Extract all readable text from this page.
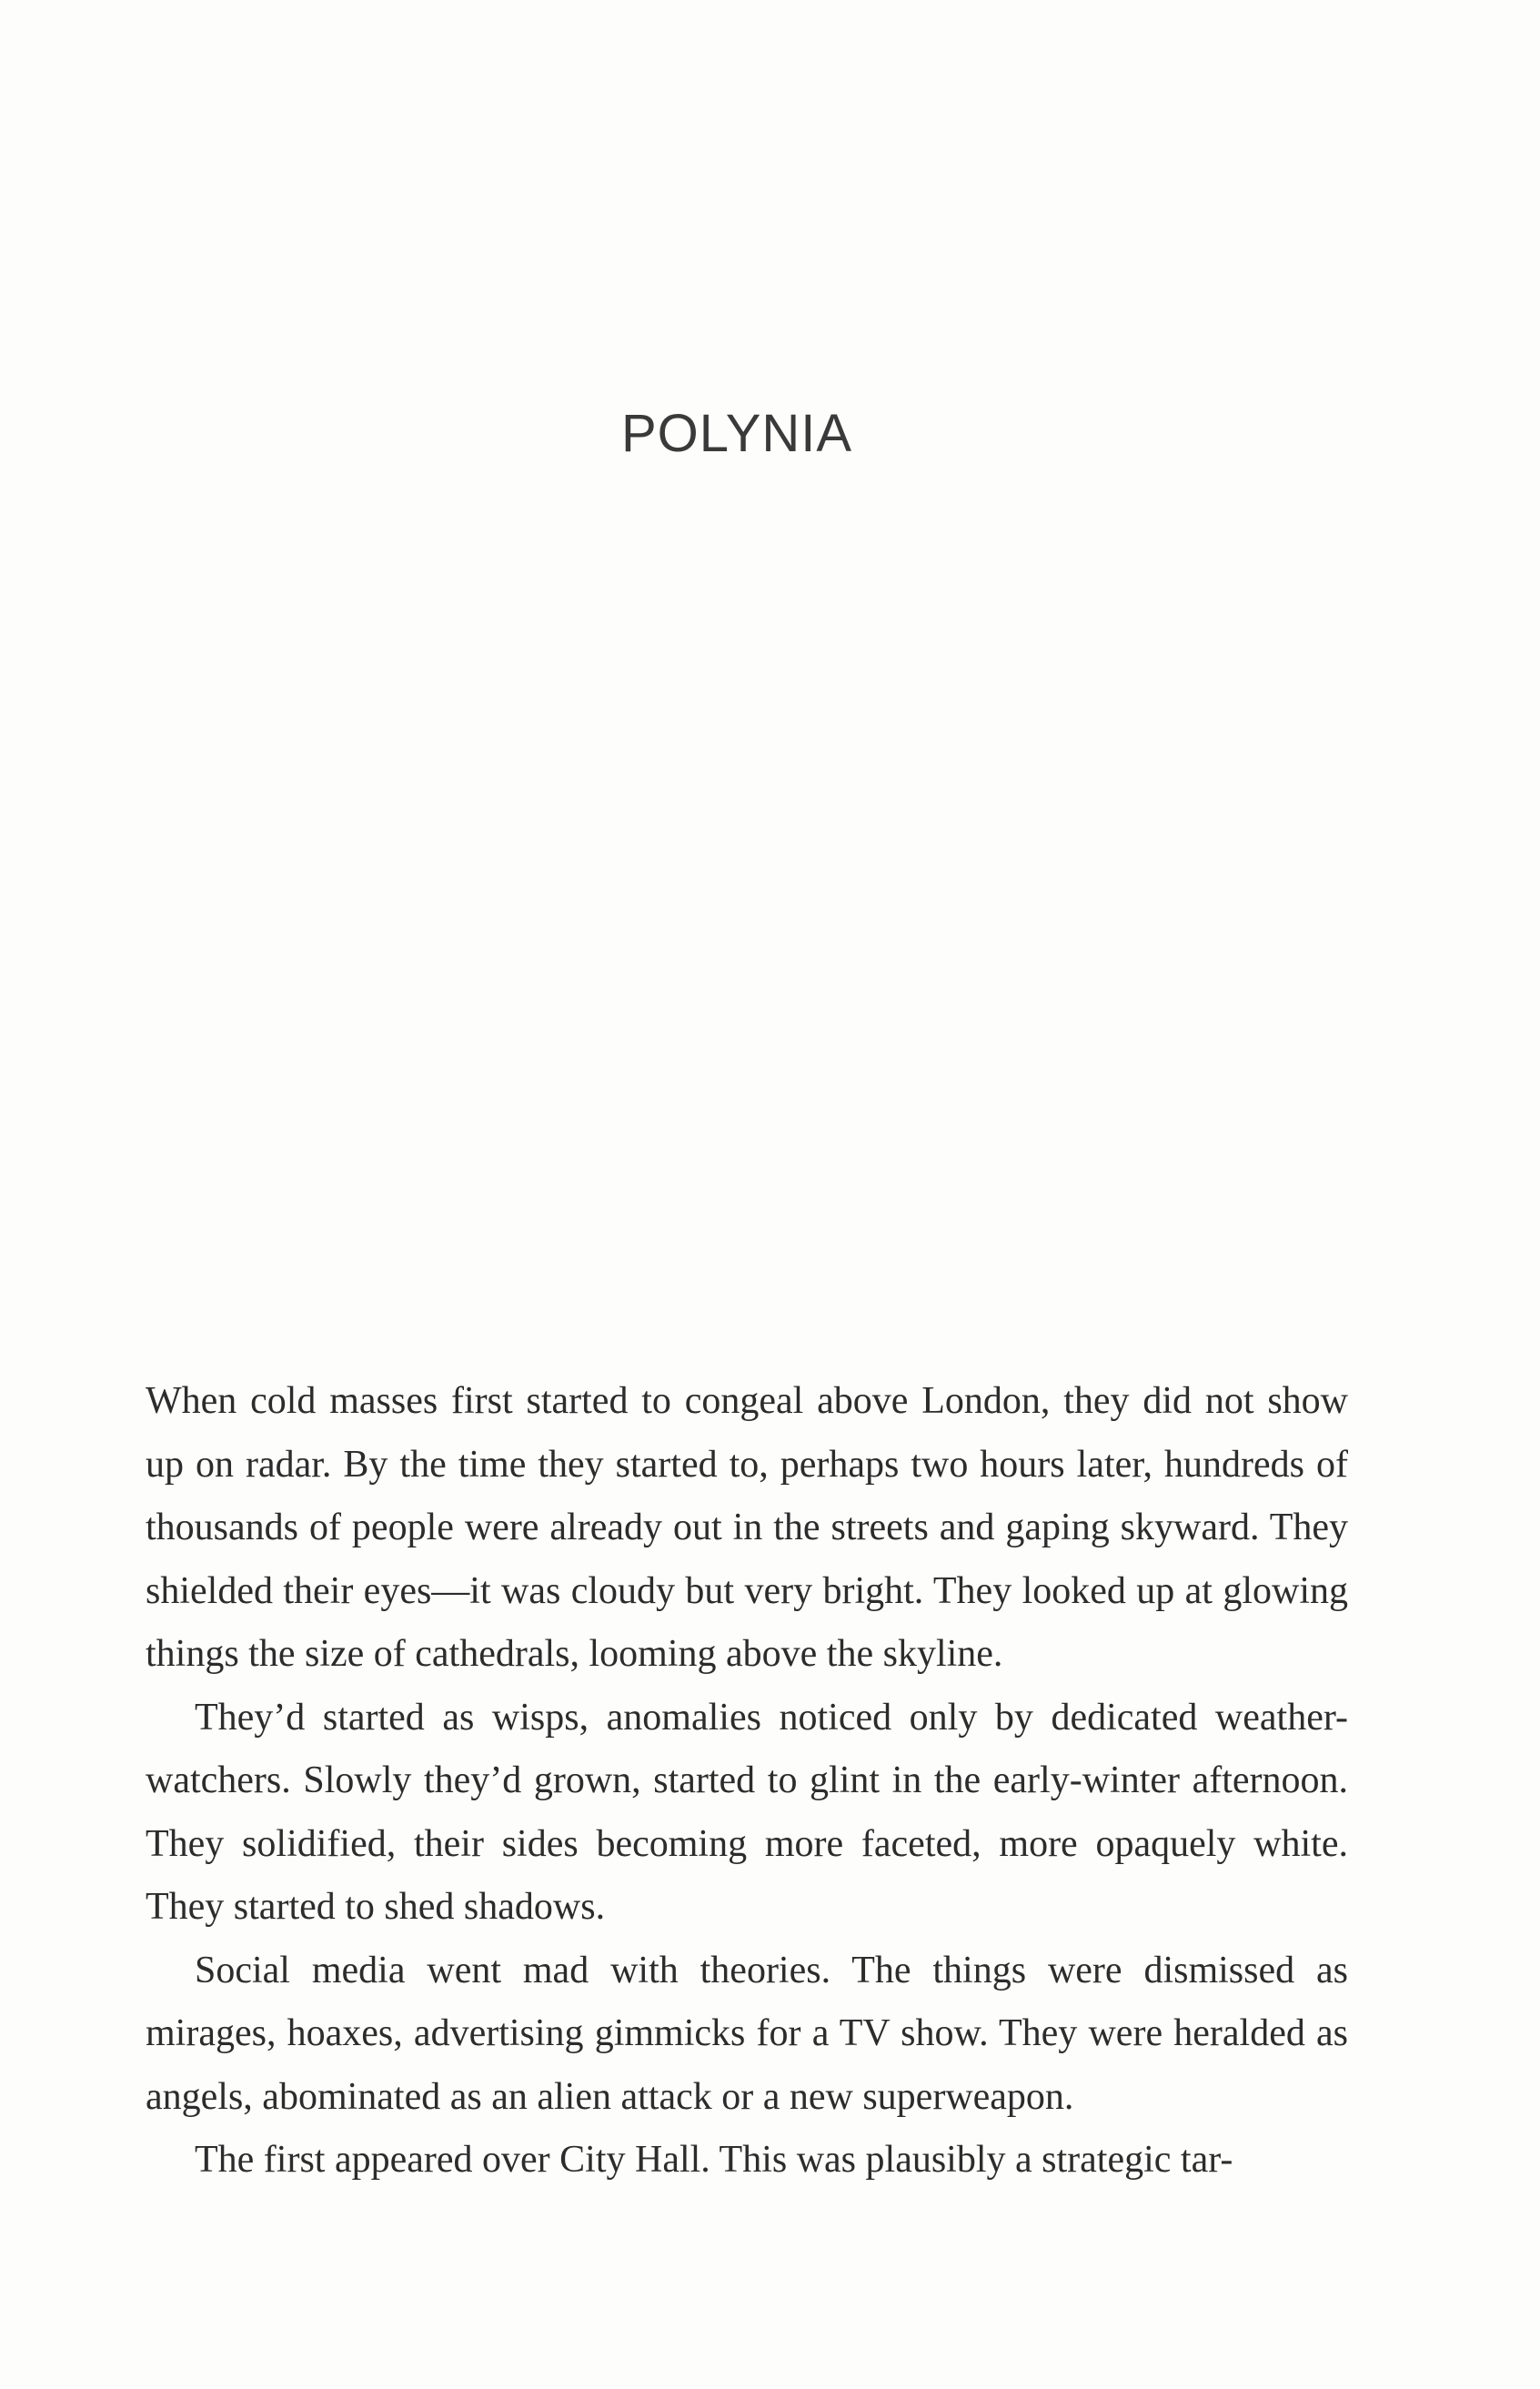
POLYNIA

When cold masses first started to congeal above London, they did not show up on radar. By the time they started to, perhaps two hours later, hundreds of thousands of people were already out in the streets and gaping skyward. They shielded their eyes—it was cloudy but very bright. They looked up at glowing things the size of cathedrals, looming above the skyline.

They’d started as wisps, anomalies noticed only by dedicated weather-watchers. Slowly they’d grown, started to glint in the early-winter afternoon. They solidified, their sides becoming more faceted, more opaquely white. They started to shed shadows.

Social media went mad with theories. The things were dismissed as mirages, hoaxes, advertising gimmicks for a TV show. They were heralded as angels, abominated as an alien attack or a new superweapon.

The first appeared over City Hall. This was plausibly a strategic tar-
